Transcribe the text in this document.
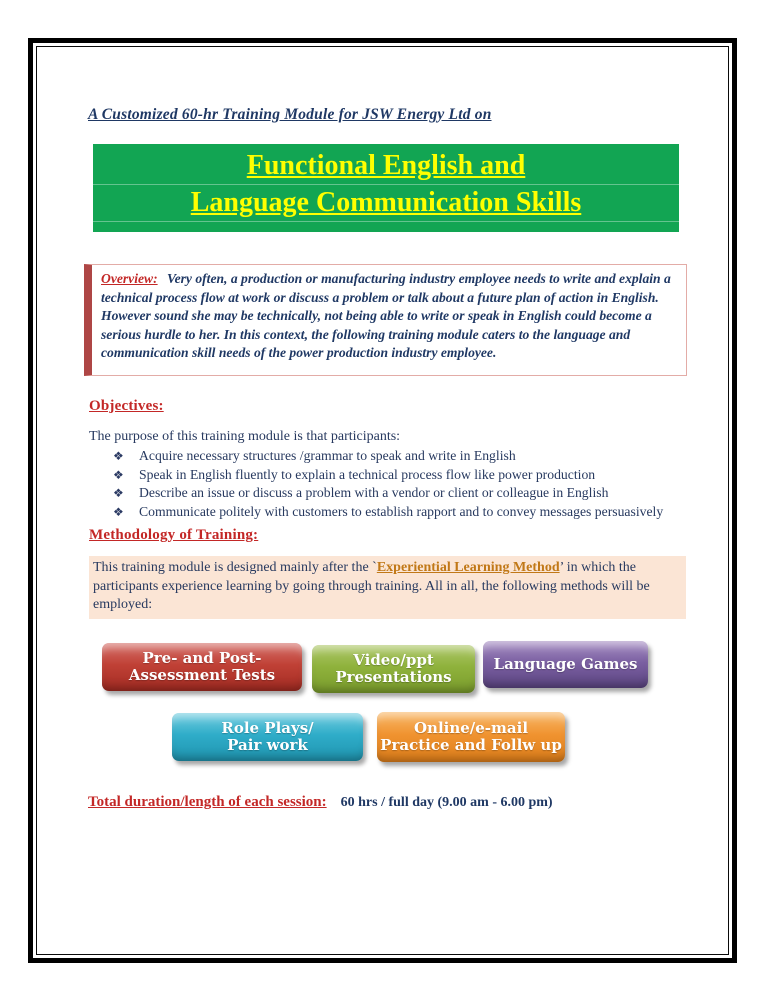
A Customized 60-hr Training Module for JSW Energy Ltd on
Functional English and
Language Communication Skills
Overview: Very often, a production or manufacturing industry employee needs to write and explain a technical process flow at work or discuss a problem or talk about a future plan of action in English. However sound she may be technically, not being able to write or speak in English could become a serious hurdle to her. In this context, the following training module caters to the language and communication skill needs of the power production industry employee.
Objectives:
The purpose of this training module is that participants:
❖	Acquire necessary structures /grammar to speak and write in English
❖	Speak in English fluently to explain a technical process flow like power production
❖	Describe an issue or discuss a problem with a vendor or client or colleague in English
❖	Communicate politely with customers to establish rapport and to convey messages persuasively
Methodology of Training:
This training module is designed mainly after the `Experiential Learning Method’ in which the participants experience learning by going through training. All in all, the following methods will be employed:
Pre- and Post-
Assessment Tests
Video/ppt
Presentations
Language Games
Role Plays/
Pair work
Online/e-mail
Practice and Follw up
Total duration/length of each session: 60 hrs / full day (9.00 am - 6.00 pm)
